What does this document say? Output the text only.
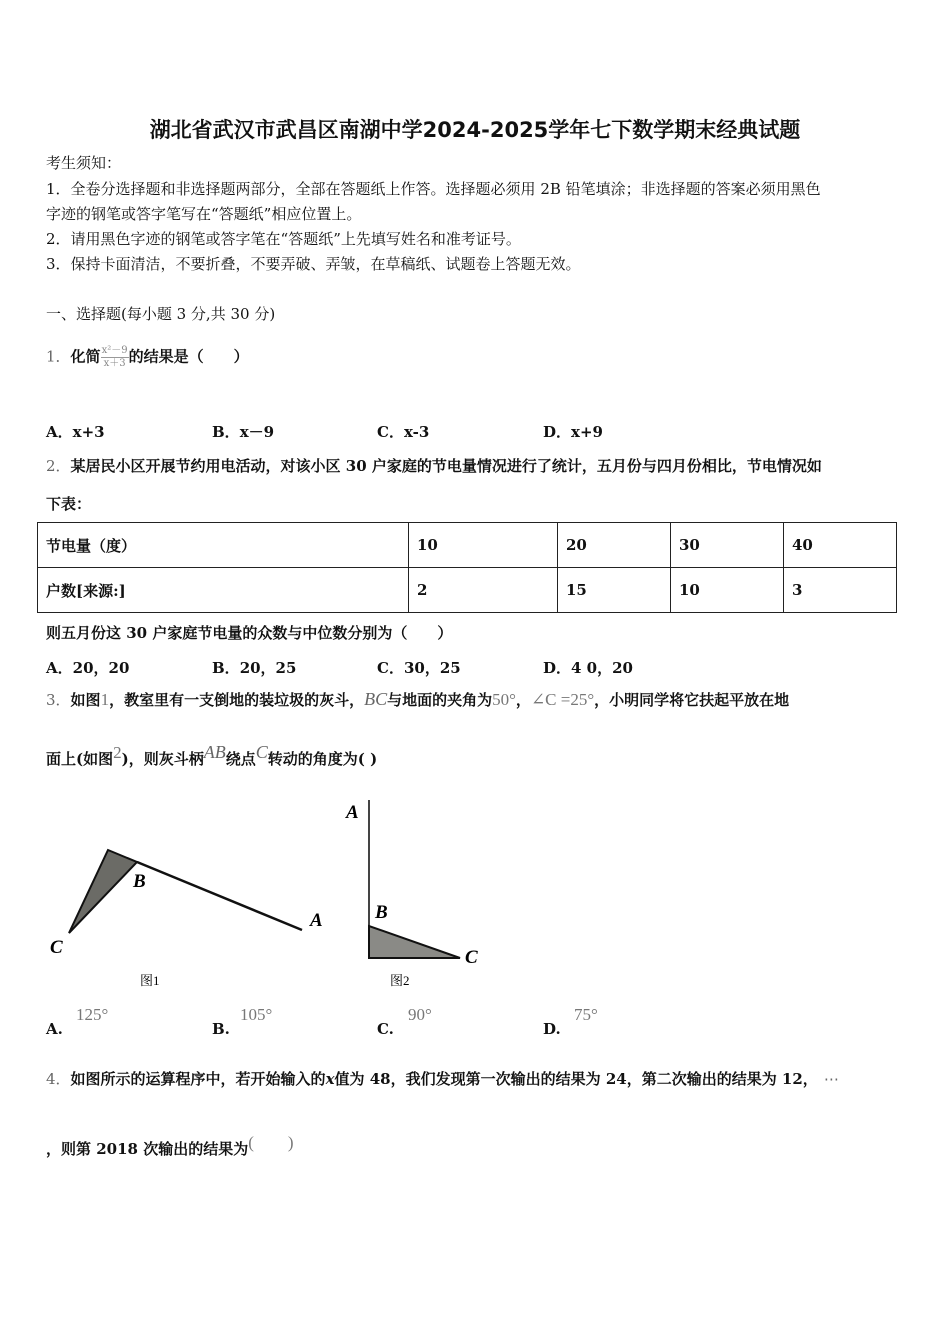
湖北省武汉市武昌区南湖中学2024-2025学年七下数学期末经典试题
考生须知：
1．全卷分选择题和非选择题两部分，全部在答题纸上作答。选择题必须用 2B 铅笔填涂；非选择题的答案必须用黑色
字迹的钢笔或答字笔写在“答题纸”相应位置上。
2．请用黑色字迹的钢笔或答字笔在“答题纸”上先填写姓名和准考证号。
3．保持卡面清洁，不要折叠，不要弄破、弄皱，在草稿纸、试题卷上答题无效。
一、选择题(每小题 3 分,共 30 分)
1．化简 $\frac{\text{x²－9}}{x+3}$ 的结果是（　　）
A．x+3	B．x－9	C．x-3	D．x+9
2．某居民小区开展节约用电活动，对该小区 30 户家庭的节电量情况进行了统计，五月份与四月份相比，节电情况如
下表：
节电量（度）	10	20	30	40
户数[来源:]	2	15	10	3
则五月份这 30 户家庭节电量的众数与中位数分别为（　　）
A．20，20	B．20，25	C．30，25	D．4 0，20
3．如图1，教室里有一支倒地的装垃圾的灰斗，BC与地面的夹角为50°，∠C =25°，小明同学将它扶起平放在地
面上(如图$^2$)，则灰斗柄$^{AB}$绕点$^C$转动的角度为( )
B
A
C
图1
A
B
C
图2
A.
125°
B.
105°
C.
90°
D.
75°
4．如图所示的运算程序中，若开始输入的x值为 48，我们发现第一次输出的结果为 24，第二次输出的结果为 12， ⋯
，则第 2018 次输出的结果为(　　)
